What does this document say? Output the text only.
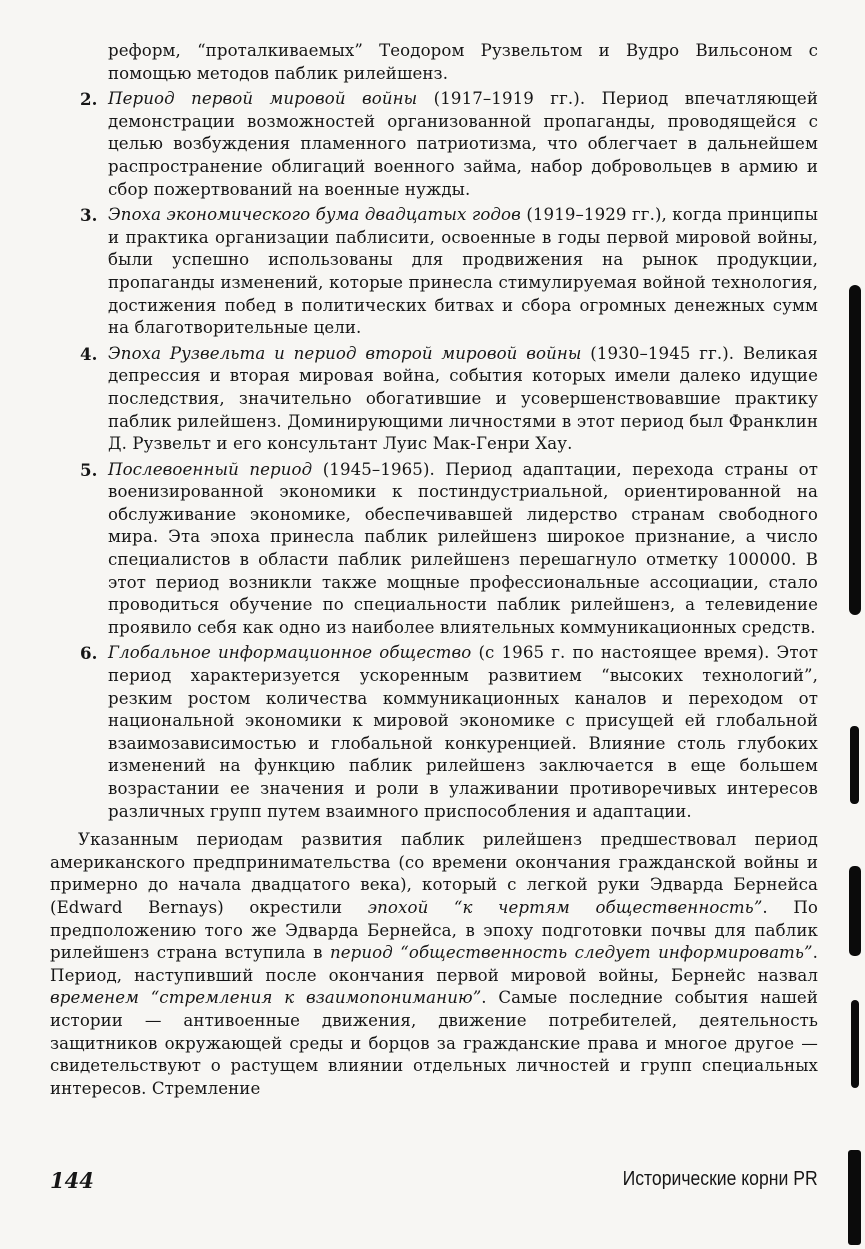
реформ, “проталкиваемых” Теодором Рузвельтом и Вудро Вильсоном с помощью методов паблик рилейшенз.

2. Период первой мировой войны (1917–1919 гг.). Период впечатляющей демонстрации возможностей организованной пропаганды, проводящейся с целью возбуждения пламенного патриотизма, что облегчает в дальнейшем распространение облигаций военного займа, набор добровольцев в армию и сбор пожертвований на военные нужды.
3. Эпоха экономического бума двадцатых годов (1919–1929 гг.), когда принципы и практика организации паблисити, освоенные в годы первой мировой войны, были успешно использованы для продвижения на рынок продукции, пропаганды изменений, которые принесла стимулируемая войной технология, достижения побед в политических битвах и сбора огромных денежных сумм на благотворительные цели.
4. Эпоха Рузвельта и период второй мировой войны (1930–1945 гг.). Великая депрессия и вторая мировая война, события которых имели далеко идущие последствия, значительно обогатившие и усовершенствовавшие практику паблик рилейшенз. Доминирующими личностями в этот период был Франклин Д. Рузвельт и его консультант Луис Мак-Генри Хау.
5. Послевоенный период (1945–1965). Период адаптации, перехода страны от военизированной экономики к постиндустриальной, ориентированной на обслуживание экономике, обеспечивавшей лидерство странам свободного мира. Эта эпоха принесла паблик рилейшенз широкое признание, а число специалистов в области паблик рилейшенз перешагнуло отметку 100000. В этот период возникли также мощные профессиональные ассоциации, стало проводиться обучение по специальности паблик рилейшенз, а телевидение проявило себя как одно из наиболее влиятельных коммуникационных средств.
6. Глобальное информационное общество (с 1965 г. по настоящее время). Этот период характеризуется ускоренным развитием “высоких технологий”, резким ростом количества коммуникационных каналов и переходом от национальной экономики к мировой экономике с присущей ей глобальной взаимозависимостью и глобальной конкуренцией. Влияние столь глубоких изменений на функцию паблик рилейшенз заключается в еще большем возрастании ее значения и роли в улаживании противоречивых интересов различных групп путем взаимного приспособления и адаптации.

Указанным периодам развития паблик рилейшенз предшествовал период американского предпринимательства (со времени окончания гражданской войны и примерно до начала двадцатого века), который с легкой руки Эдварда Бернейса (Edward Bernays) окрестили эпохой “к чертям общественность”. По предположению того же Эдварда Бернейса, в эпоху подготовки почвы для паблик рилейшенз страна вступила в период “общественность следует информировать”. Период, наступивший после окончания первой мировой войны, Бернейс назвал временем “стремления к взаимопониманию”. Самые последние события нашей истории — антивоенные движения, движение потребителей, деятельность защитников окружающей среды и борцов за гражданские права и многое другое — свидетельствуют о растущем влиянии отдельных личностей и групп специальных интересов. Стремление

144	Исторические корни PR
